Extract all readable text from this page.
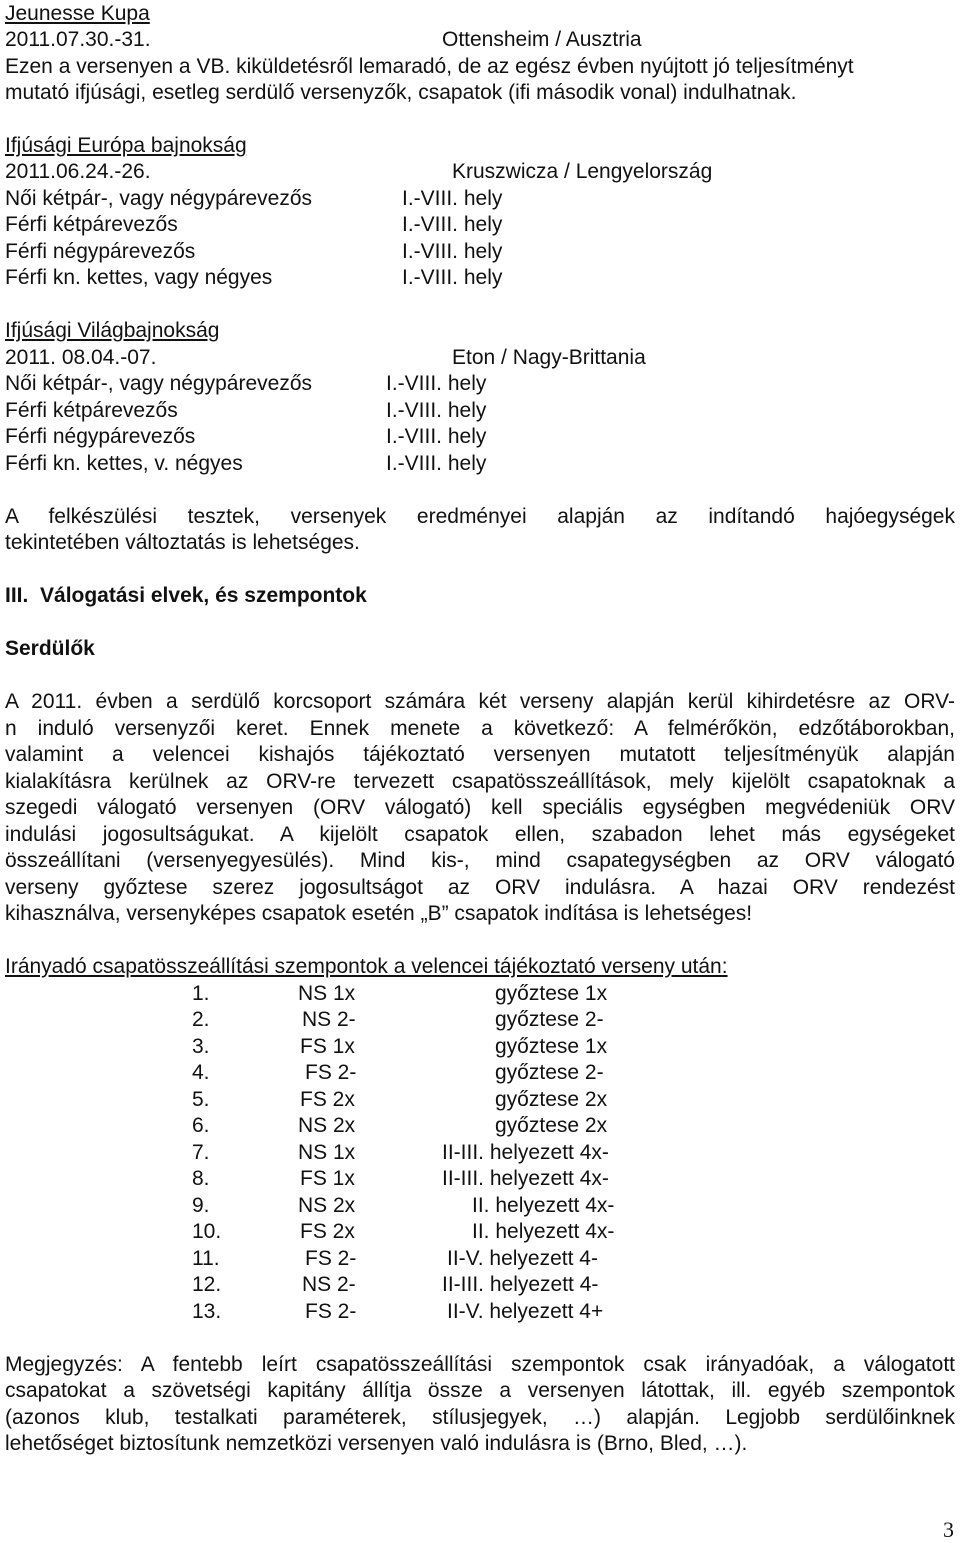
Jeunesse Kupa
2011.07.30.-31.	Ottensheim / Ausztria
Ezen a versenyen a VB. kiküldetésről lemaradó, de az egész évben nyújtott jó teljesítményt
mutató ifjúsági, esetleg serdülő versenyzők, csapatok (ifi második vonal) indulhatnak.
Ifjúsági Európa bajnokság
2011.06.24.-26.	Kruszwicza / Lengyelország
Női kétpár-, vagy négypárevezős	I.-VIII. hely
Férfi kétpárevezős	I.-VIII. hely
Férfi négypárevezős	I.-VIII. hely
Férfi kn. kettes, vagy négyes	I.-VIII. hely
Ifjúsági Világbajnokság
2011. 08.04.-07.	Eton / Nagy-Brittania
Női kétpár-, vagy négypárevezős	I.-VIII. hely
Férfi kétpárevezős	I.-VIII. hely
Férfi négypárevezős	I.-VIII. hely
Férfi kn. kettes, v. négyes	I.-VIII. hely
A felkészülési tesztek, versenyek eredményei alapján az indítandó hajóegységek
tekintetében változtatás is lehetséges.
III.  Válogatási elvek, és szempontok
Serdülők
A 2011. évben a serdülő korcsoport számára két verseny alapján kerül kihirdetésre az ORV-
n induló versenyzői keret. Ennek menete a következő: A felmérőkön, edzőtáborokban,
valamint a velencei kishajós tájékoztató versenyen mutatott teljesítményük alapján
kialakításra kerülnek az ORV-re tervezett csapatösszeállítások, mely kijelölt csapatoknak a
szegedi válogató versenyen (ORV válogató) kell speciális egységben megvédeniük ORV
indulási jogosultságukat. A kijelölt csapatok ellen, szabadon lehet más egységeket
összeállítani (versenyegyesülés). Mind kis-, mind csapategységben az ORV válogató
verseny győztese szerez jogosultságot az ORV indulásra. A hazai ORV rendezést
kihasználva, versenyképes csapatok esetén „B” csapatok indítása is lehetséges!
Irányadó csapatösszeállítási szempontok a velencei tájékoztató verseny után:
1.	NS 1x	győztese 1x
2.	NS 2-	győztese 2-
3.	FS 1x	győztese 1x
4.	FS 2-	győztese 2-
5.	FS 2x	győztese 2x
6.	NS 2x	győztese 2x
7.	NS 1x	II-III. helyezett 4x-
8.	FS 1x	II-III. helyezett 4x-
9.	NS 2x	II. helyezett 4x-
10.	FS 2x	II. helyezett 4x-
11.	FS 2-	II-V. helyezett 4-
12.	NS 2-	II-III. helyezett 4-
13.	FS 2-	II-V. helyezett 4+
Megjegyzés: A fentebb leírt csapatösszeállítási szempontok csak irányadóak, a válogatott
csapatokat a szövetségi kapitány állítja össze a versenyen látottak, ill. egyéb szempontok
(azonos klub, testalkati paraméterek, stílusjegyek, …) alapján. Legjobb serdülőinknek
lehetőséget biztosítunk nemzetközi versenyen való indulásra is (Brno, Bled, …).
3
